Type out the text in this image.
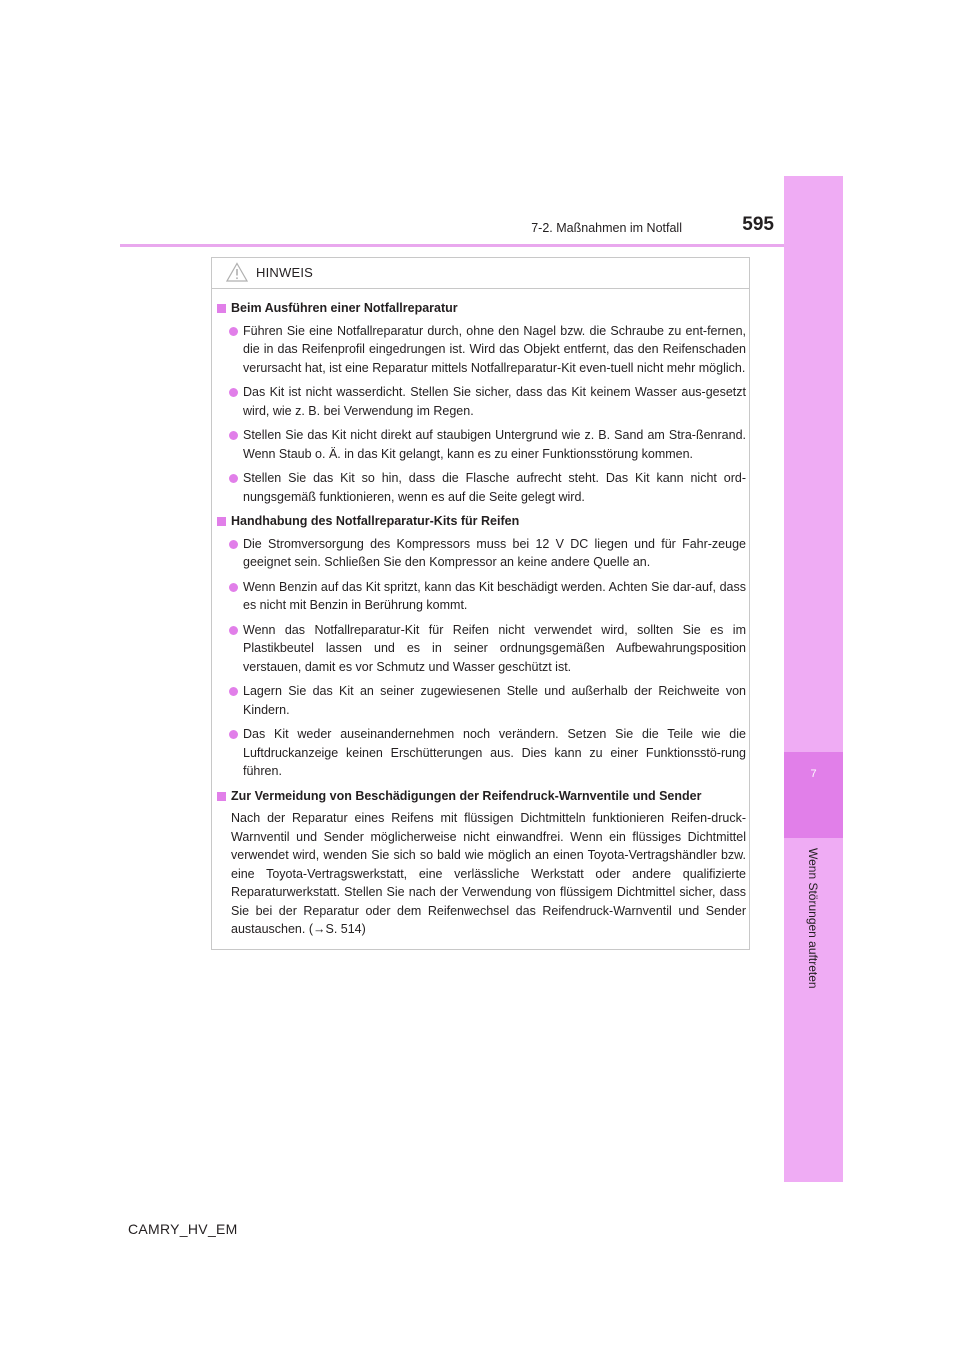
595
7-2. Maßnahmen im Notfall
7
Wenn Störungen auftreten
HINWEIS
Beim Ausführen einer Notfallreparatur
Führen Sie eine Notfallreparatur durch, ohne den Nagel bzw. die Schraube zu ent-fernen, die in das Reifenprofil eingedrungen ist. Wird das Objekt entfernt, das den Reifenschaden verursacht hat, ist eine Reparatur mittels Notfallreparatur-Kit even-tuell nicht mehr möglich.
Das Kit ist nicht wasserdicht. Stellen Sie sicher, dass das Kit keinem Wasser aus-gesetzt wird, wie z. B. bei Verwendung im Regen.
Stellen Sie das Kit nicht direkt auf staubigen Untergrund wie z. B. Sand am Stra-ßenrand. Wenn Staub o. Ä. in das Kit gelangt, kann es zu einer Funktionsstörung kommen.
Stellen Sie das Kit so hin, dass die Flasche aufrecht steht. Das Kit kann nicht ord-nungsgemäß funktionieren, wenn es auf die Seite gelegt wird.
Handhabung des Notfallreparatur-Kits für Reifen
Die Stromversorgung des Kompressors muss bei 12 V DC liegen und für Fahr-zeuge geeignet sein. Schließen Sie den Kompressor an keine andere Quelle an.
Wenn Benzin auf das Kit spritzt, kann das Kit beschädigt werden. Achten Sie dar-auf, dass es nicht mit Benzin in Berührung kommt.
Wenn das Notfallreparatur-Kit für Reifen nicht verwendet wird, sollten Sie es im Plastikbeutel lassen und es in seiner ordnungsgemäßen Aufbewahrungsposition verstauen, damit es vor Schmutz und Wasser geschützt ist.
Lagern Sie das Kit an seiner zugewiesenen Stelle und außerhalb der Reichweite von Kindern.
Das Kit weder auseinandernehmen noch verändern. Setzen Sie die Teile wie die Luftdruckanzeige keinen Erschütterungen aus. Dies kann zu einer Funktionsstö-rung führen.
Zur Vermeidung von Beschädigungen der Reifendruck-Warnventile und Sender
Nach der Reparatur eines Reifens mit flüssigen Dichtmitteln funktionieren Reifen-druck-Warnventil und Sender möglicherweise nicht einwandfrei. Wenn ein flüssiges Dichtmittel verwendet wird, wenden Sie sich so bald wie möglich an einen Toyota-Vertragshändler bzw. eine Toyota-Vertragswerkstatt, eine verlässliche Werkstatt oder andere qualifizierte Reparaturwerkstatt. Stellen Sie nach der Verwendung von flüssigem Dichtmittel sicher, dass Sie bei der Reparatur oder dem Reifenwechsel das Reifendruck-Warnventil und Sender austauschen. (→S. 514)
CAMRY_HV_EM
